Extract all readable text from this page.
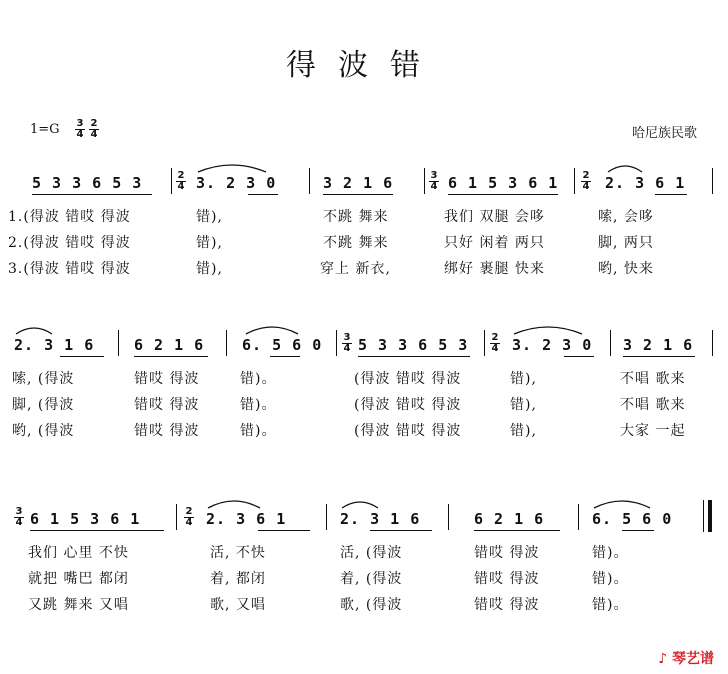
得波错
1=G 3
4
2
4	哈尼族民歌
5 3 3 6 5 3	2
4 3. 2 3 0	3 2 1 6	3
4 6 1 5 3 6 1 2
4 2. 3 6 1
1.(得波 错哎 得波	错),	不跳 舞来	我们 双腿 会哆	嗦, 会哆
2.(得波 错哎 得波	错),	不跳 舞来	只好 闲着 两只	脚, 两只
3.(得波 错哎 得波	错),	穿上 新衣,	绑好 裹腿 快来	哟, 快来
2. 3 1 6	6 2 1 6	6. 5 6 0 3
4 5 3 3 6 5 3 2
4 3. 2 3 0 3 2 1 6
嗦, (得波	错哎 得波	错)。	(得波 错哎 得波	错),	不唱 歌来
脚, (得波	错哎 得波	错)。	(得波 错哎 得波	错),	不唱 歌来
哟, (得波	错哎 得波	错)。	(得波 错哎 得波	错),	大家 一起
3
4 6 1 5 3 6 1	2
4 2. 3 6 1	2. 3 1 6	6 2 1 6	6. 5 6 0
我们 心里 不快	活, 不快	活, (得波	错哎 得波	错)。
就把 嘴巴 都闭	着, 都闭	着, (得波	错哎 得波	错)。
又跳 舞来 又唱	歌, 又唱	歌, (得波	错哎 得波	错)。
♪ 琴艺谱
